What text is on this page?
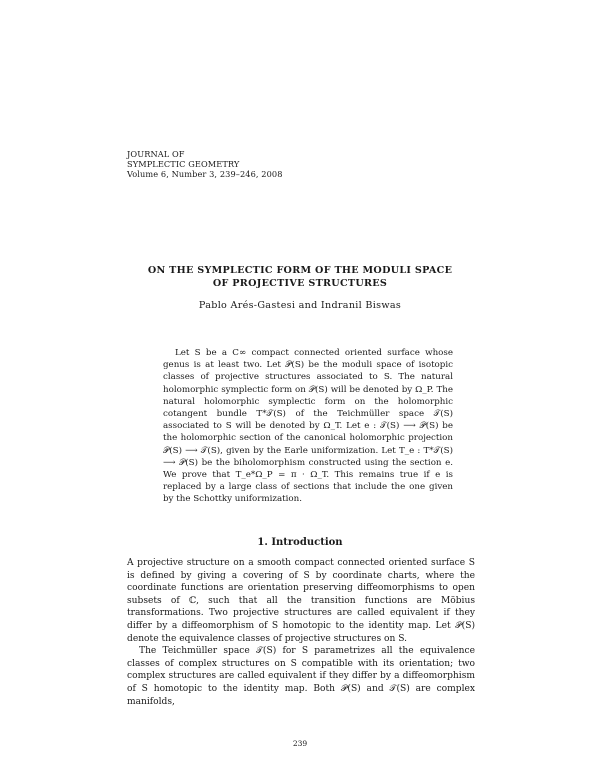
JOURNAL OF
SYMPLECTIC GEOMETRY
Volume 6, Number 3, 239–246, 2008
ON THE SYMPLECTIC FORM OF THE MODULI SPACE
OF PROJECTIVE STRUCTURES
Pablo Arés-Gastesi and Indranil Biswas

Let S be a C∞ compact connected oriented surface whose genus is at least two. Let 𝒫(S) be the moduli space of isotopic classes of projective structures associated to S. The natural holomorphic symplectic form on 𝒫(S) will be denoted by Ω_P. The natural holomorphic symplectic form on the holomorphic cotangent bundle T*𝒯(S) of the Teichmüller space 𝒯(S) associated to S will be denoted by Ω_T. Let e : 𝒯(S) ⟶ 𝒫(S) be the holomorphic section of the canonical holomorphic projection 𝒫(S) ⟶ 𝒯(S), given by the Earle uniformization. Let T_e : T*𝒯(S) ⟶ 𝒫(S) be the biholomorphism constructed using the section e. We prove that T_e*Ω_P = π · Ω_T. This remains true if e is replaced by a large class of sections that include the one given by the Schottky uniformization.

1. Introduction

A projective structure on a smooth compact connected oriented surface S is defined by giving a covering of S by coordinate charts, where the coordinate functions are orientation preserving diffeomorphisms to open subsets of ℂ, such that all the transition functions are Möbius transformations. Two projective structures are called equivalent if they differ by a diffeomorphism of S homotopic to the identity map. Let 𝒫(S) denote the equivalence classes of projective structures on S.

The Teichmüller space 𝒯(S) for S parametrizes all the equivalence classes of complex structures on S compatible with its orientation; two complex structures are called equivalent if they differ by a diffeomorphism of S homotopic to the identity map. Both 𝒫(S) and 𝒯(S) are complex manifolds,

239
